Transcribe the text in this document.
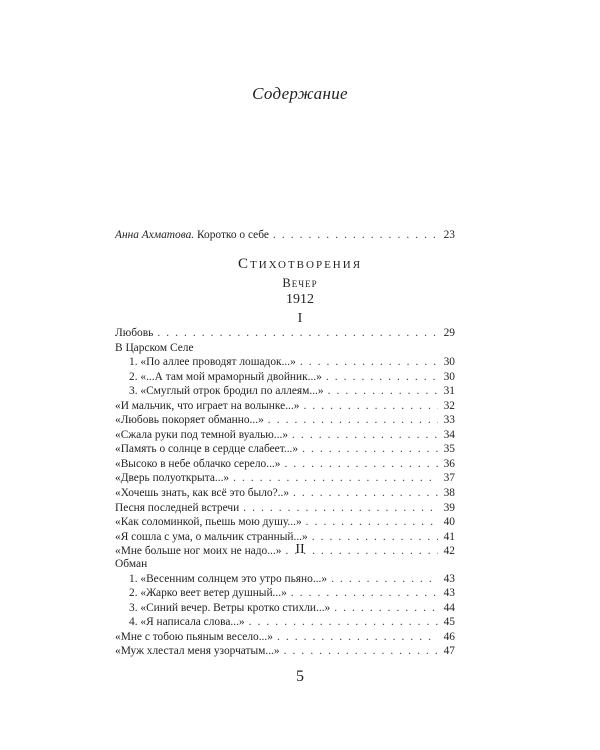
Содержание
Анна Ахматова. Коротко о себе . . .	23
Стихотворения
Вечер
1912
I
Любовь . . .	29
В Царском Селе
1. «По аллее проводят лошадок...» . . .	30
2. «...А там мой мраморный двойник...» . . .	30
3. «Смуглый отрок бродил по аллеям...» . . .	31
«И мальчик, что играет на волынке...» . . .	32
«Любовь покоряет обманно...» . . .	33
«Сжала руки под темной вуалью...» . . .	34
«Память о солнце в сердце слабеет...» . . .	35
«Высоко в небе облачко серело...» . . .	36
«Дверь полуоткрыта...» . . .	37
«Хочешь знать, как всё это было?..» . . .	38
Песня последней встречи . . .	39
«Как соломинкой, пьешь мою душу...» . . .	40
«Я сошла с ума, о мальчик странный...» . . .	41
«Мне больше ног моих не надо...» . . .	42
II
Обман
1. «Весенним солнцем это утро пьяно...» . . .	43
2. «Жарко веет ветер душный...» . . .	43
3. «Синий вечер. Ветры кротко стихли...» . . .	44
4. «Я написала слова...» . . .	45
«Мне с тобою пьяным весело...» . . .	46
«Муж хлестал меня узорчатым...» . . .	47
5
